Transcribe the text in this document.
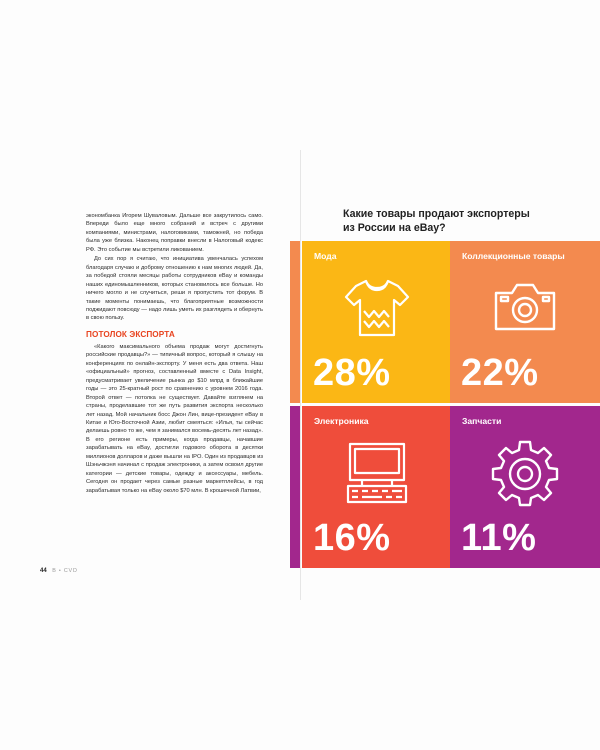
экономбанка Игорем Шуваловым. Дальше все закрутилось само. Впереди было еще много собраний и встреч с другими компаниями, министрами, налоговиками, таможней, но победа была уже близка. Наконец поправки внесли в Налоговый кодекс РФ. Это событие мы встретили ликованием.

До сих пор я считаю, что инициатива увенчалась успехом благодаря случаю и доброму отношению к нам многих людей. Да, за победой стояли месяцы работы сотрудников eBay и команды наших единомышленников, которых становилось все больше. Но ничего могло и не случиться, реши я пропустить тот форум. В такие моменты понимаешь, что благоприятные возможности поджидают повсюду — надо лишь уметь их разглядеть и обернуть в свою пользу.

ПОТОЛОК ЭКСПОРТА

«Какого максимального объема продаж могут достигнуть российские продавцы?» — типичный вопрос, который я слышу на конференциях по онлайн-экспорту. У меня есть два ответа. Наш «официальный» прогноз, составленный вместе с Data Insight, предусматривает увеличение рынка до $10 млрд в ближайшие годы — это 25-кратный рост по сравнению с уровнем 2016 года. Второй ответ — потолка не существует. Давайте взглянем на страны, проделавшие тот же путь развития экспорта несколько лет назад. Мой начальник босс Джон Лин, вице-президент eBay в Китае и Юго-Восточной Азии, любит смеяться: «Илья, ты сейчас делаешь ровно то же, чем я занимался восемь-десять лет назад». В его регионе есть примеры, когда продавцы, начавшие зарабатывать на eBay, достигли годового оборота в десятки миллионов долларов и даже вышли на IPO. Один из продавцов из Шэньчжэня начинал с продаж электроники, а затем освоил другие категории — детские товары, одежду и аксессуары, мебель. Сегодня он продает через самые разные маркетплейсы, в год зарабатывая только на eBay около $70 млн. В крошечной Латвии,

44 B • CVD
Какие товары продают экспортеры из России на eBay?
Мода
28%
Коллекционные товары
22%
Электроника
16%
Запчасти
11%
